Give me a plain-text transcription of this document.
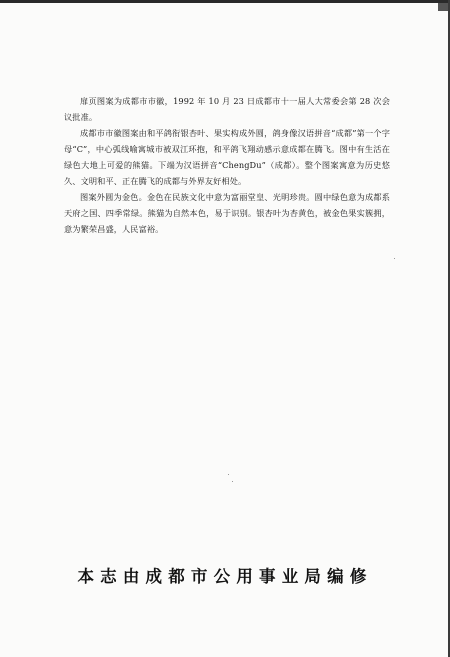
扉页图案为成都市市徽，1992 年 10 月 23 日成都市十一届人大常委会第 28 次会议批准。

成都市市徽图案由和平鸽衔银杏叶、果实构成外圆，鸽身像汉语拼音“成都”第一个字母“C”，中心弧线喻寓城市被双江环抱，和平鸽飞翔动感示意成都在腾飞。图中有生活在绿色大地上可爱的熊猫。下端为汉语拼音“ChengDu”（成都）。整个图案寓意为历史悠久、文明和平、正在腾飞的成都与外界友好相处。

图案外圆为金色。金色在民族文化中意为富丽堂皇、光明珍贵。圆中绿色意为成都系天府之国、四季常绿。熊猫为自然本色，易于识别。银杏叶为杏黄色，被金色果实簇拥，意为繁荣昌盛，人民富裕。

本志由成都市公用事业局编修
